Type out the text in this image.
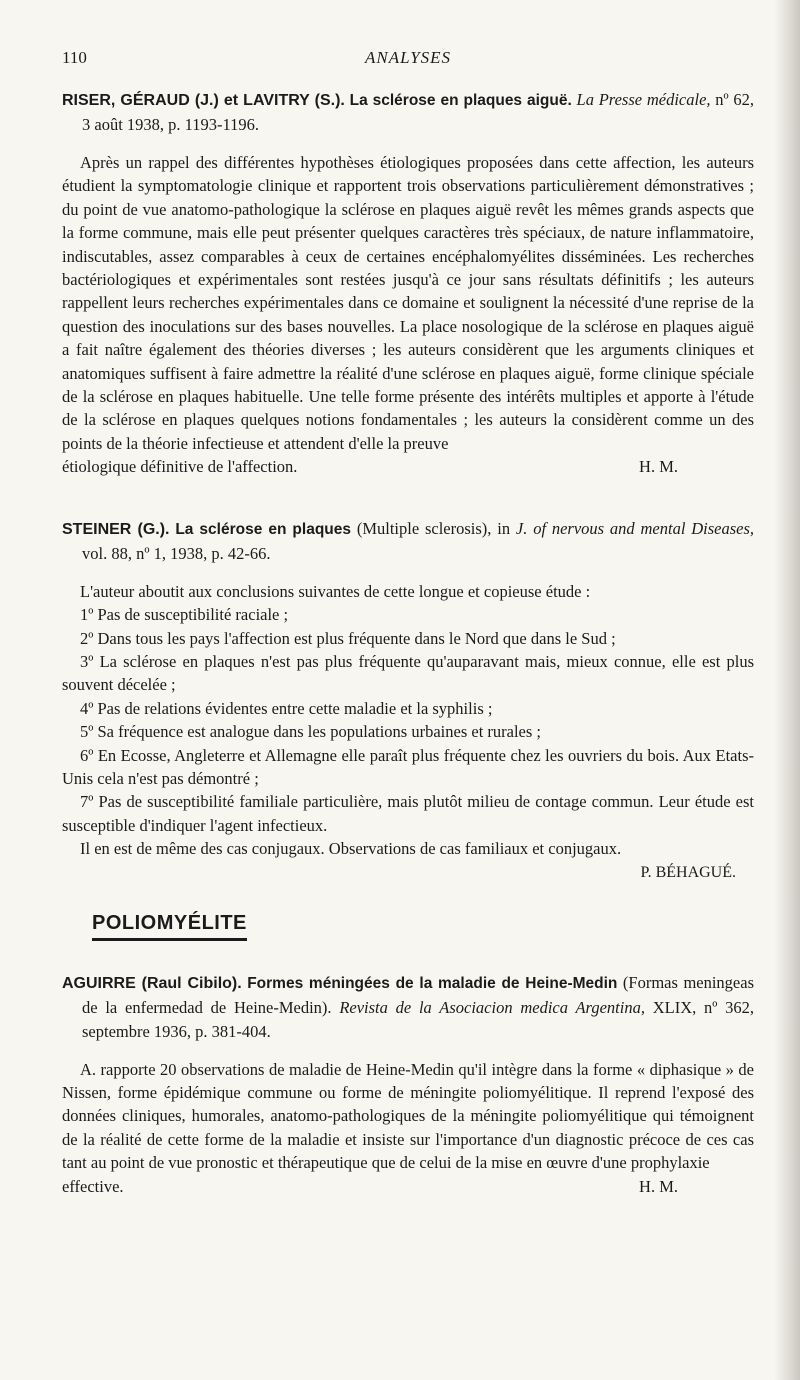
110	ANALYSES

RISER, GÉRAUD (J.) et LAVITRY (S.). La sclérose en plaques aiguë. La Presse médicale, nº 62, 3 août 1938, p. 1193-1196.

Après un rappel des différentes hypothèses étiologiques proposées dans cette affection, les auteurs étudient la symptomatologie clinique et rapportent trois observations particulièrement démonstratives ; du point de vue anatomo-pathologique la sclérose en plaques aiguë revêt les mêmes grands aspects que la forme commune, mais elle peut présenter quelques caractères très spéciaux, de nature inflammatoire, indiscutables, assez comparables à ceux de certaines encéphalomyélites disséminées. Les recherches bactériologiques et expérimentales sont restées jusqu'à ce jour sans résultats définitifs ; les auteurs rappellent leurs recherches expérimentales dans ce domaine et soulignent la nécessité d'une reprise de la question des inoculations sur des bases nouvelles. La place nosologique de la sclérose en plaques aiguë a fait naître également des théories diverses ; les auteurs considèrent que les arguments cliniques et anatomiques suffisent à faire admettre la réalité d'une sclérose en plaques aiguë, forme clinique spéciale de la sclérose en plaques habituelle. Une telle forme présente des intérêts multiples et apporte à l'étude de la sclérose en plaques quelques notions fondamentales ; les auteurs la considèrent comme un des points de la théorie infectieuse et attendent d'elle la preuve

étiologique définitive de l'affection.	H. M.

STEINER (G.). La sclérose en plaques (Multiple sclerosis), in J. of nervous and mental Diseases, vol. 88, nº 1, 1938, p. 42-66.

L'auteur aboutit aux conclusions suivantes de cette longue et copieuse étude :

1º Pas de susceptibilité raciale ;

2º Dans tous les pays l'affection est plus fréquente dans le Nord que dans le Sud ;

3º La sclérose en plaques n'est pas plus fréquente qu'auparavant mais, mieux connue, elle est plus souvent décelée ;

4º Pas de relations évidentes entre cette maladie et la syphilis ;

5º Sa fréquence est analogue dans les populations urbaines et rurales ;

6º En Ecosse, Angleterre et Allemagne elle paraît plus fréquente chez les ouvriers du bois. Aux Etats-Unis cela n'est pas démontré ;

7º Pas de susceptibilité familiale particulière, mais plutôt milieu de contage commun. Leur étude est susceptible d'indiquer l'agent infectieux.

Il en est de même des cas conjugaux. Observations de cas familiaux et conjugaux.

P. BÉHAGUÉ.

POLIOMYÉLITE

AGUIRRE (Raul Cibilo). Formes méningées de la maladie de Heine-Medin (Formas meningeas de la enfermedad de Heine-Medin). Revista de la Asociacion medica Argentina, XLIX, nº 362, septembre 1936, p. 381-404.

A. rapporte 20 observations de maladie de Heine-Medin qu'il intègre dans la forme « diphasique » de Nissen, forme épidémique commune ou forme de méningite poliomyélitique. Il reprend l'exposé des données cliniques, humorales, anatomo-pathologiques de la méningite poliomyélitique qui témoignent de la réalité de cette forme de la maladie et insiste sur l'importance d'un diagnostic précoce de ces cas tant au point de vue pronostic et thérapeutique que de celui de la mise en œuvre d'une prophylaxie

effective.	H. M.
